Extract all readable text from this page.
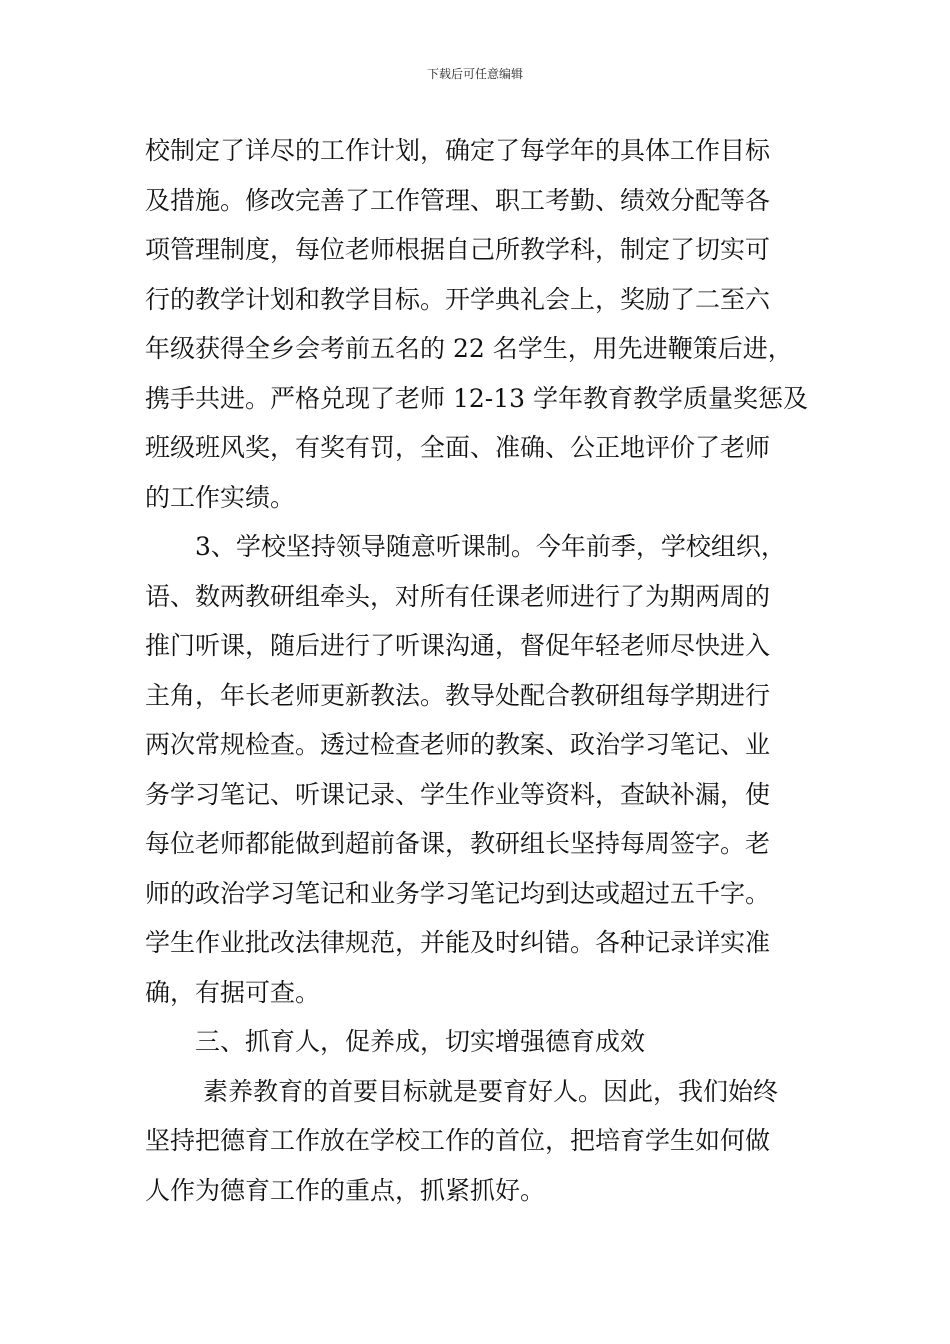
下载后可任意编辑
校制定了详尽的工作计划，确定了每学年的具体工作目标
及措施。修改完善了工作管理、职工考勤、绩效分配等各
项管理制度，每位老师根据自己所教学科，制定了切实可
行的教学计划和教学目标。开学典礼会上，奖励了二至六
年级获得全乡会考前五名的 22 名学生，用先进鞭策后进，
携手共进。严格兑现了老师 12-13 学年教育教学质量奖惩及
班级班风奖，有奖有罚，全面、准确、公正地评价了老师
的工作实绩。
3、学校坚持领导随意听课制。今年前季，学校组织，
语、数两教研组牵头，对所有任课老师进行了为期两周的
推门听课，随后进行了听课沟通，督促年轻老师尽快进入
主角，年长老师更新教法。教导处配合教研组每学期进行
两次常规检查。透过检查老师的教案、政治学习笔记、业
务学习笔记、听课记录、学生作业等资料，查缺补漏，使
每位老师都能做到超前备课，教研组长坚持每周签字。老
师的政治学习笔记和业务学习笔记均到达或超过五千字。
学生作业批改法律规范，并能及时纠错。各种记录详实准
确，有据可查。
三、抓育人，促养成，切实增强德育成效
素养教育的首要目标就是要育好人。因此，我们始终
坚持把德育工作放在学校工作的首位，把培育学生如何做
人作为德育工作的重点，抓紧抓好。
